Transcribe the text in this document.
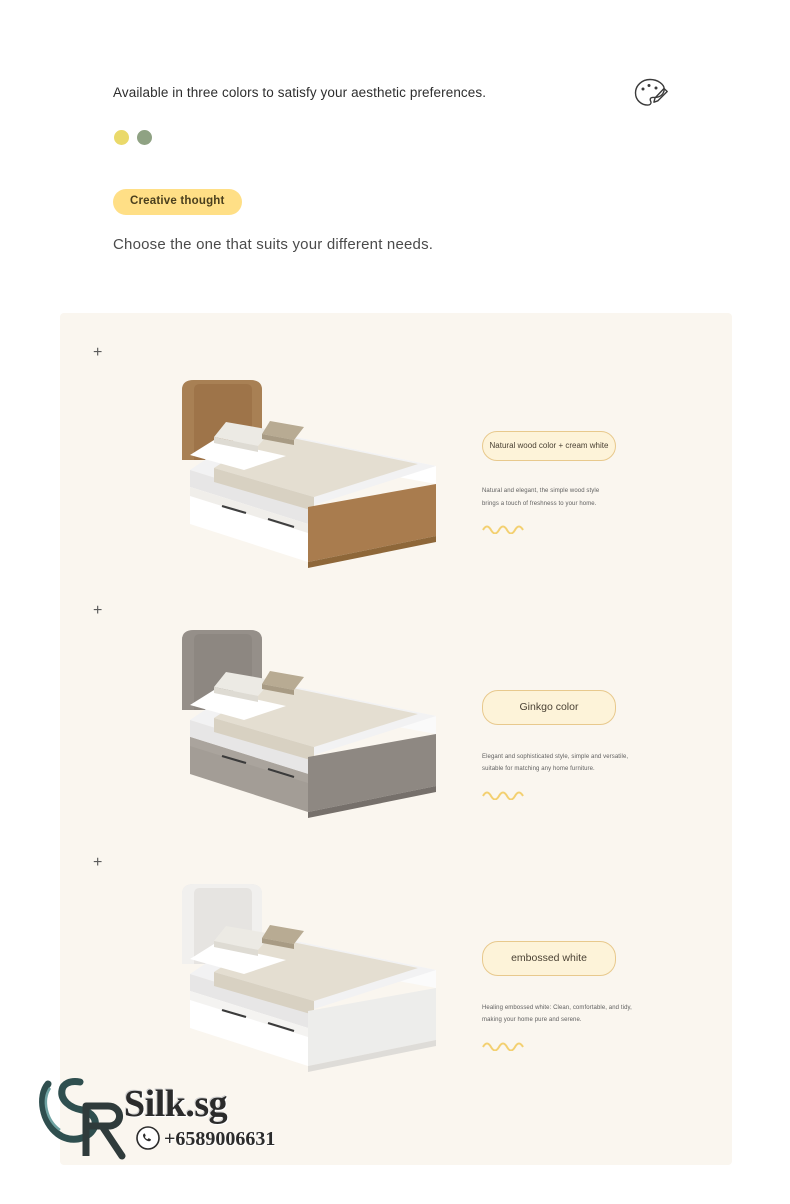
Available in three colors to satisfy your aesthetic preferences.
Creative thought
Choose the one that suits your different needs.
+
Natural wood color + cream white
Natural and elegant, the simple wood style
brings a touch of freshness to your home.
+
Ginkgo color
Elegant and sophisticated style, simple and versatile,
suitable for matching any home furniture.
+
embossed white
Healing embossed white: Clean, comfortable, and tidy,
making your home pure and serene.
Silk.sg
+6589006631
